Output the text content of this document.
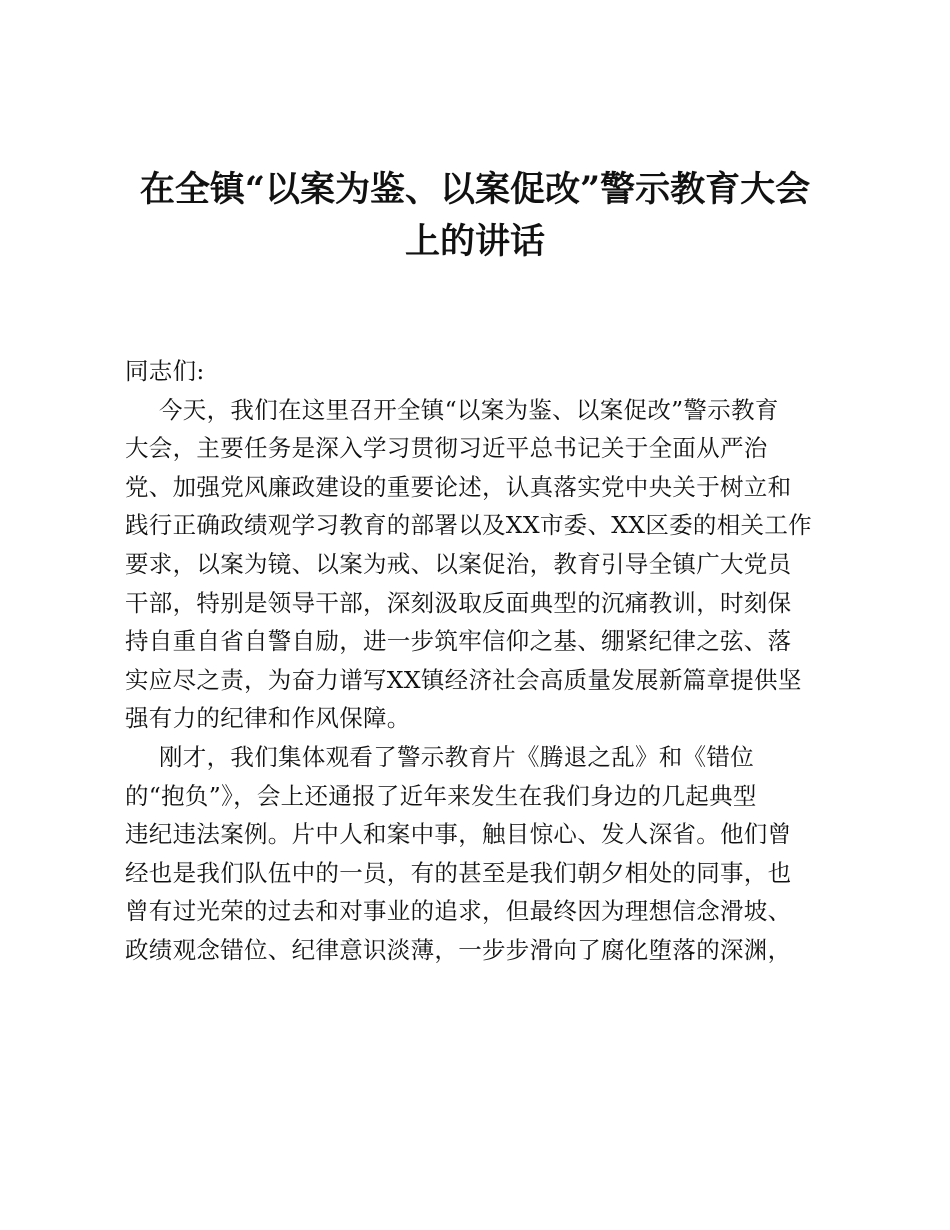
在全镇“以案为鉴、以案促改”警示教育大会
上的讲话
同志们:
今天，我们在这里召开全镇“以案为鉴、以案促改”警示教育
大会，主要任务是深入学习贯彻习近平总书记关于全面从严治
党、加强党风廉政建设的重要论述，认真落实党中央关于树立和
践行正确政绩观学习教育的部署以及XX市委、XX区委的相关工作
要求，以案为镜、以案为戒、以案促治，教育引导全镇广大党员
干部，特别是领导干部，深刻汲取反面典型的沉痛教训，时刻保
持自重自省自警自励，进一步筑牢信仰之基、绷紧纪律之弦、落
实应尽之责，为奋力谱写XX镇经济社会高质量发展新篇章提供坚
强有力的纪律和作风保障。
刚才，我们集体观看了警示教育片《腾退之乱》和《错位
的“抱负”》，会上还通报了近年来发生在我们身边的几起典型
违纪违法案例。片中人和案中事，触目惊心、发人深省。他们曾
经也是我们队伍中的一员，有的甚至是我们朝夕相处的同事，也
曾有过光荣的过去和对事业的追求，但最终因为理想信念滑坡、
政绩观念错位、纪律意识淡薄，一步步滑向了腐化堕落的深渊，
